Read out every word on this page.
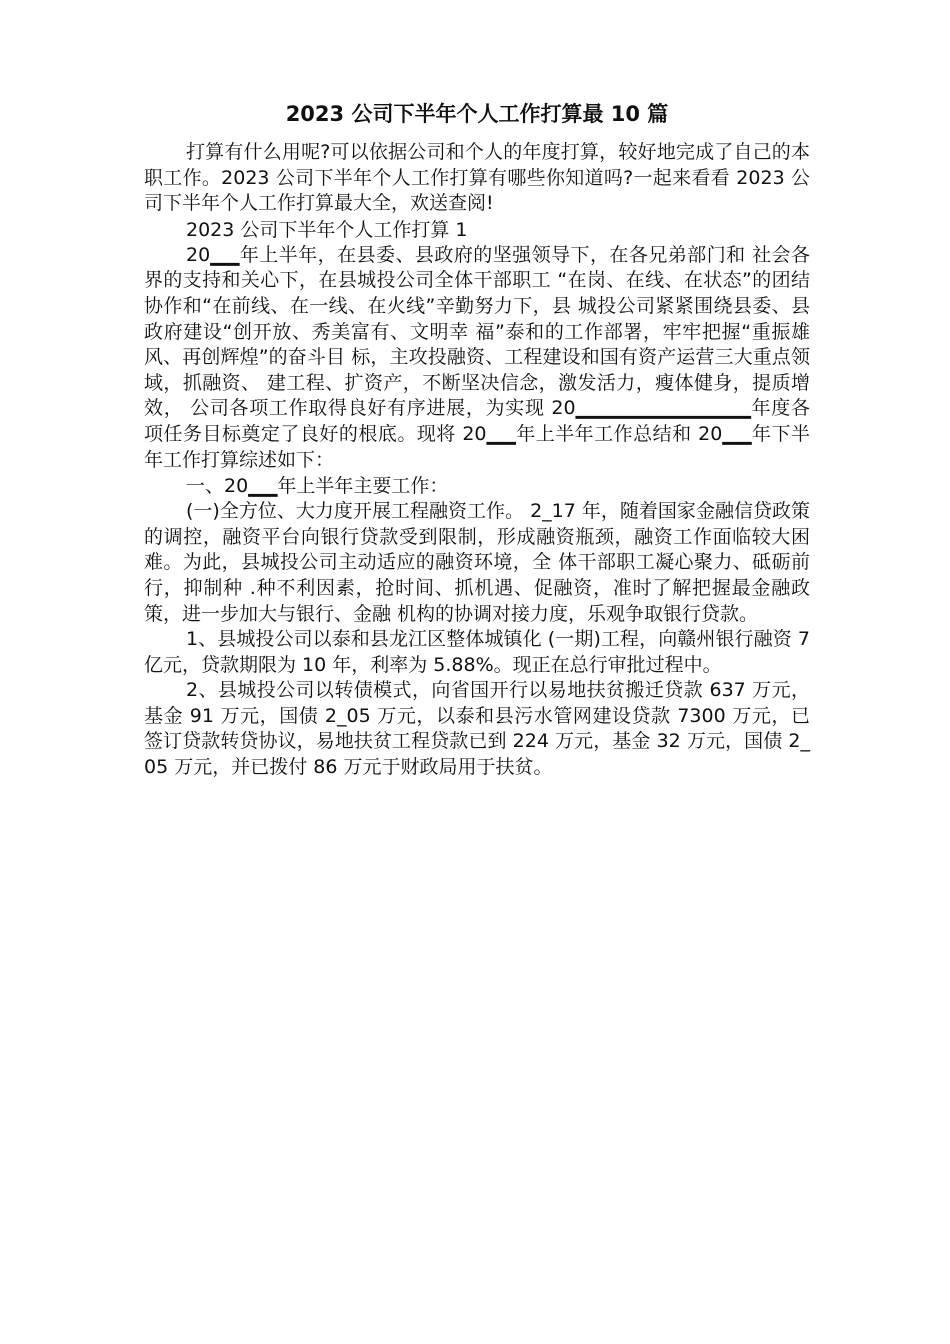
2023 公司下半年个人工作打算最 10 篇

打算有什么用呢?可以依据公司和个人的年度打算，较好地完成了自己的本职工作。2023 公司下半年个人工作打算有哪些你知道吗?一起来看看 2023 公司下半年个人工作打算最大全，欢送查阅!

2023 公司下半年个人工作打算 1

20▁▁年上半年，在县委、县政府的坚强领导下，在各兄弟部门和 社会各界的支持和关心下，在县城投公司全体干部职工 “在岗、在线、在状态”的团结协作和“在前线、在一线、在火线”辛勤努力下，县 城投公司紧紧围绕县委、县政府建设“创开放、秀美富有、文明幸 福”泰和的工作部署，牢牢把握“重振雄风、再创辉煌”的奋斗目 标，主攻投融资、工程建设和国有资产运营三大重点领域，抓融资、 建工程、扩资产，不断坚决信念，激发活力，瘦体健身，提质增效， 公司各项工作取得良好有序进展，为实现 20▁▁▁▁▁▁▁▁▁▁▁▁年度各项任务目标奠定了良好的根底。现将 20▁▁年上半年工作总结和 20▁▁年下半年工作打算综述如下：

一、20▁▁年上半年主要工作：

(一)全方位、大力度开展工程融资工作。 2_17 年，随着国家金融信贷政策的调控，融资平台向银行贷款受到限制，形成融资瓶颈，融资工作面临较大困难。为此，县城投公司主动适应的融资环境，全 体干部职工凝心聚力、砥砺前行，抑制种 .种不利因素，抢时间、抓机遇、促融资，准时了解把握最金融政策，进一步加大与银行、金融 机构的协调对接力度，乐观争取银行贷款。

1、县城投公司以泰和县龙江区整体城镇化 (一期)工程，向赣州银行融资 7 亿元，贷款期限为 10 年，利率为 5.88%。现正在总行审批过程中。

2、县城投公司以转债模式，向省国开行以易地扶贫搬迁贷款 637 万元，基金 91 万元，国债 2_05 万元，以泰和县污水管网建设贷款 7300 万元，已签订贷款转贷协议，易地扶贫工程贷款已到 224 万元，基金 32 万元，国债 2_05 万元，并已拨付 86 万元于财政局用于扶贫。
